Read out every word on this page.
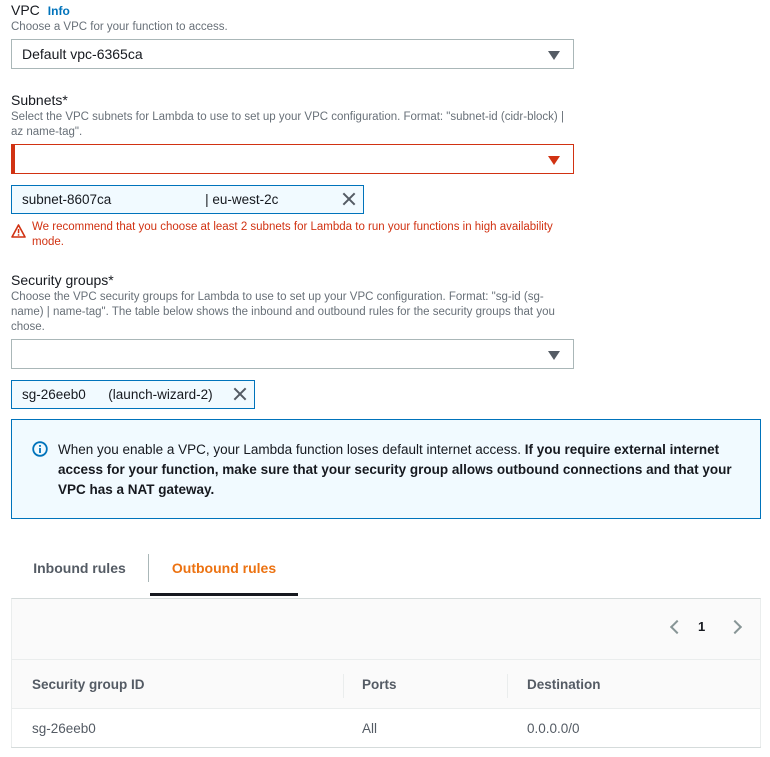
VPC Info
Choose a VPC for your function to access.
Default vpc-6365ca
Subnets*
Select the VPC subnets for Lambda to use to set up your VPC configuration. Format: "subnet-id (cidr-block) | az name-tag".
subnet-8607ca                         | eu-west-2c
We recommend that you choose at least 2 subnets for Lambda to run your functions in high availability mode.
Security groups*
Choose the VPC security groups for Lambda to use to set up your VPC configuration. Format: "sg-id (sg-name) | name-tag". The table below shows the inbound and outbound rules for the security groups that you chose.
sg-26eeb0      (launch-wizard-2)
When you enable a VPC, your Lambda function loses default internet access. If you require external internet access for your function, make sure that your security group allows outbound connections and that your VPC has a NAT gateway.
Inbound rules	Outbound rules
1
Security group ID	Ports	Destination
sg-26eeb0	All	0.0.0.0/0
